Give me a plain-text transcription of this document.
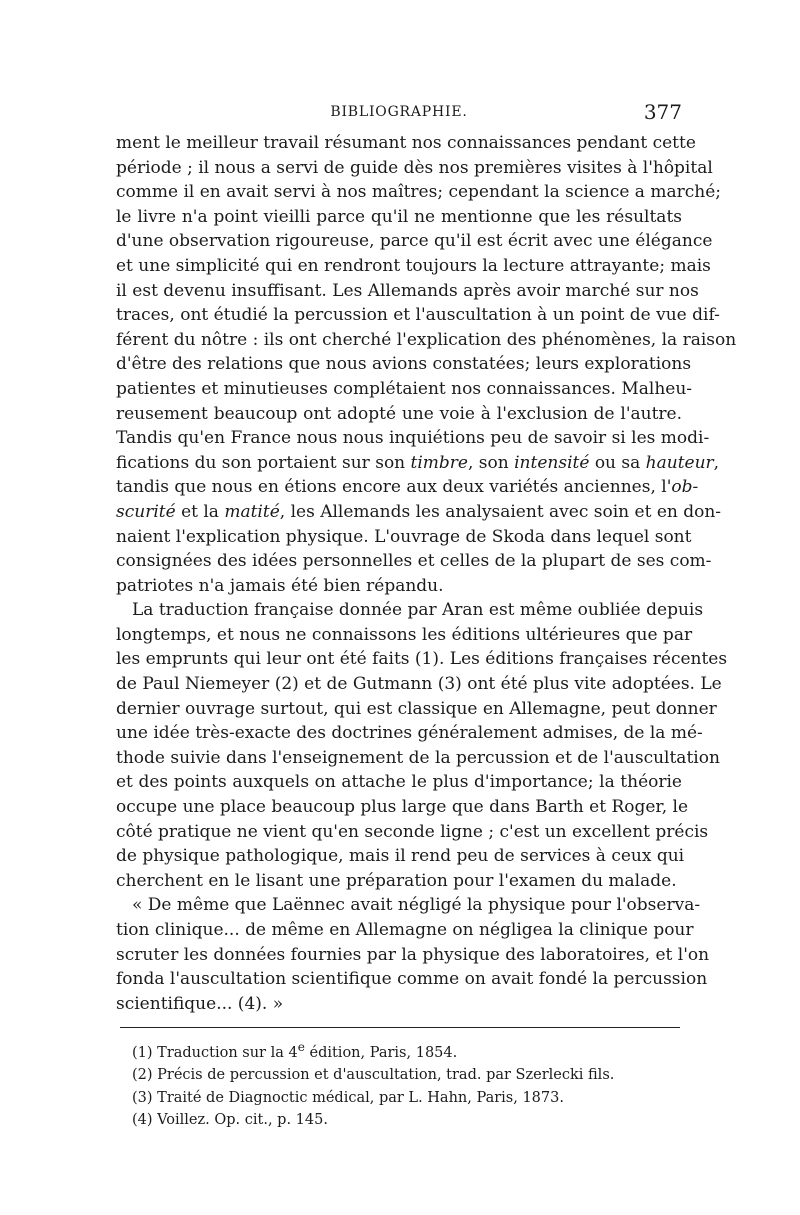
BIBLIOGRAPHIE.	377
ment le meilleur travail résumant nos connaissances pendant cette
période ; il nous a servi de guide dès nos premières visites à l'hôpital
comme il en avait servi à nos maîtres; cependant la science a marché;
le livre n'a point vieilli parce qu'il ne mentionne que les résultats
d'une observation rigoureuse, parce qu'il est écrit avec une élégance
et une simplicité qui en rendront toujours la lecture attrayante; mais
il est devenu insuffisant. Les Allemands après avoir marché sur nos
traces, ont étudié la percussion et l'auscultation à un point de vue dif-
férent du nôtre : ils ont cherché l'explication des phénomènes, la raison
d'être des relations que nous avions constatées; leurs explorations
patientes et minutieuses complétaient nos connaissances. Malheu-
reusement beaucoup ont adopté une voie à l'exclusion de l'autre.
Tandis qu'en France nous nous inquiétions peu de savoir si les modi-
fications du son portaient sur son timbre, son intensité ou sa hauteur,
tandis que nous en étions encore aux deux variétés anciennes, l'ob-
scurité et la matité, les Allemands les analysaient avec soin et en don-
naient l'explication physique. L'ouvrage de Skoda dans lequel sont
consignées des idées personnelles et celles de la plupart de ses com-
patriotes n'a jamais été bien répandu.
La traduction française donnée par Aran est même oubliée depuis
longtemps, et nous ne connaissons les éditions ultérieures que par
les emprunts qui leur ont été faits (1). Les éditions françaises récentes
de Paul Niemeyer (2) et de Gutmann (3) ont été plus vite adoptées. Le
dernier ouvrage surtout, qui est classique en Allemagne, peut donner
une idée très-exacte des doctrines généralement admises, de la mé-
thode suivie dans l'enseignement de la percussion et de l'auscultation
et des points auxquels on attache le plus d'importance; la théorie
occupe une place beaucoup plus large que dans Barth et Roger, le
côté pratique ne vient qu'en seconde ligne ; c'est un excellent précis
de physique pathologique, mais il rend peu de services à ceux qui
cherchent en le lisant une préparation pour l'examen du malade.
« De même que Laënnec avait négligé la physique pour l'observa-
tion clinique... de même en Allemagne on négligea la clinique pour
scruter les données fournies par la physique des laboratoires, et l'on
fonda l'auscultation scientifique comme on avait fondé la percussion
scientifique... (4). »
(1) Traduction sur la 4e édition, Paris, 1854.
(2) Précis de percussion et d'auscultation, trad. par Szerlecki fils.
(3) Traité de Diagnoctic médical, par L. Hahn, Paris, 1873.
(4) Voillez. Op. cit., p. 145.
